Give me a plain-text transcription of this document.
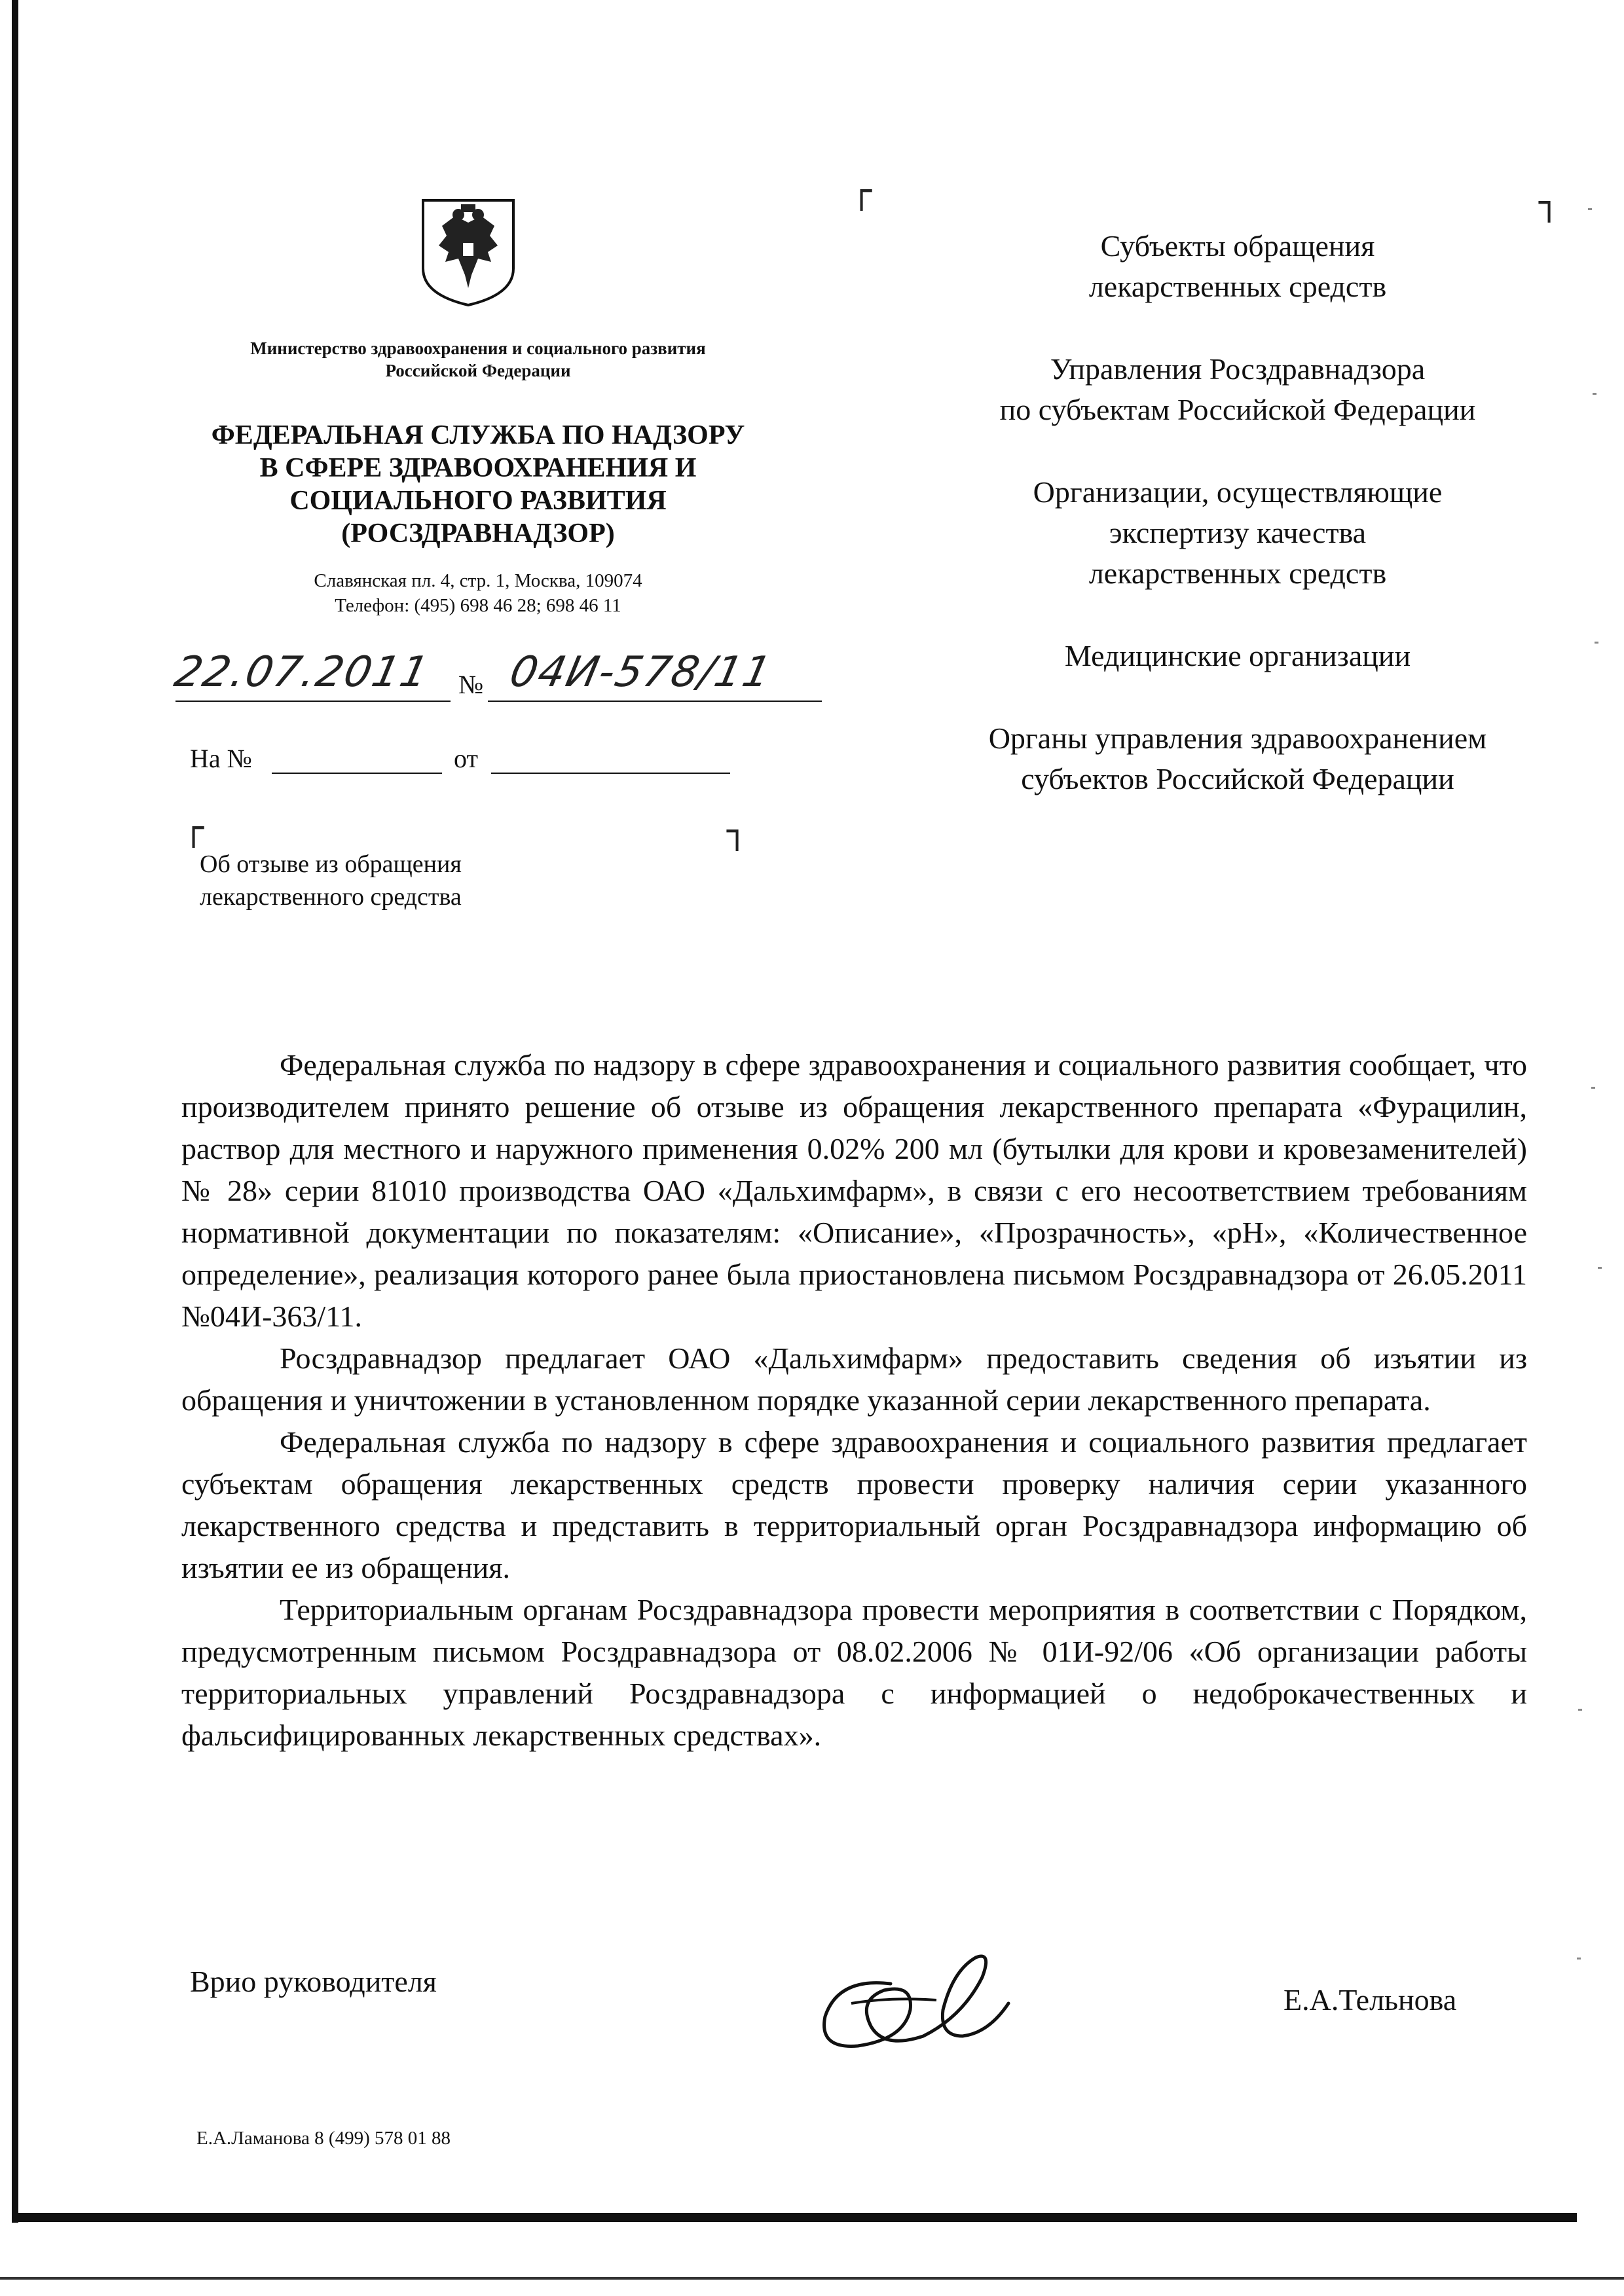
Министерство здравоохранения и социального развития Российской Федерации
ФЕДЕРАЛЬНАЯ СЛУЖБА ПО НАДЗОРУ
В СФЕРЕ ЗДРАВООХРАНЕНИЯ И
СОЦИАЛЬНОГО РАЗВИТИЯ
(РОСЗДРАВНАДЗОР)
Славянская пл. 4, стр. 1, Москва, 109074
Телефон: (495) 698 46 28; 698 46 11
22.07.2011 № 04И-578/11
На №	от
┌	┐
┌	┐
Об отзыве из обращения
лекарственного средства

Субъекты обращения
лекарственных средств

Управления Росздравнадзора
по субъектам Российской Федерации

Организации, осуществляющие
экспертизу качества
лекарственных средств

Медицинские организации

Органы управления здравоохранением
субъектов Российской Федерации

Федеральная служба по надзору в сфере здравоохранения и социального развития сообщает, что производителем принято решение об отзыве из обращения лекарственного препарата «Фурацилин, раствор для местного и наружного применения 0.02% 200 мл (бутылки для крови и кровезаменителей) № 28» серии 81010 производства ОАО «Дальхимфарм», в связи с его несоответствием требованиям нормативной документации по показателям: «Описание», «Прозрачность», «pH», «Количественное определение», реализация которого ранее была приостановлена письмом Росздравнадзора от 26.05.2011 №04И-363/11.

Росздравнадзор предлагает ОАО «Дальхимфарм» предоставить сведения об изъятии из обращения и уничтожении в установленном порядке указанной серии лекарственного препарата.

Федеральная служба по надзору в сфере здравоохранения и социального развития предлагает субъектам обращения лекарственных средств провести проверку наличия серии указанного лекарственного средства и представить в территориальный орган Росздравнадзора информацию об изъятии ее из обращения.

Территориальным органам Росздравнадзора провести мероприятия в соответствии с Порядком, предусмотренным письмом Росздравнадзора от 08.02.2006 № 01И-92/06 «Об организации работы территориальных управлений Росздравнадзора с информацией о недоброкачественных и фальсифицированных лекарственных средствах».

Врио руководителя
Е.А.Тельнова
Е.А.Ламанова 8 (499) 578 01 88
